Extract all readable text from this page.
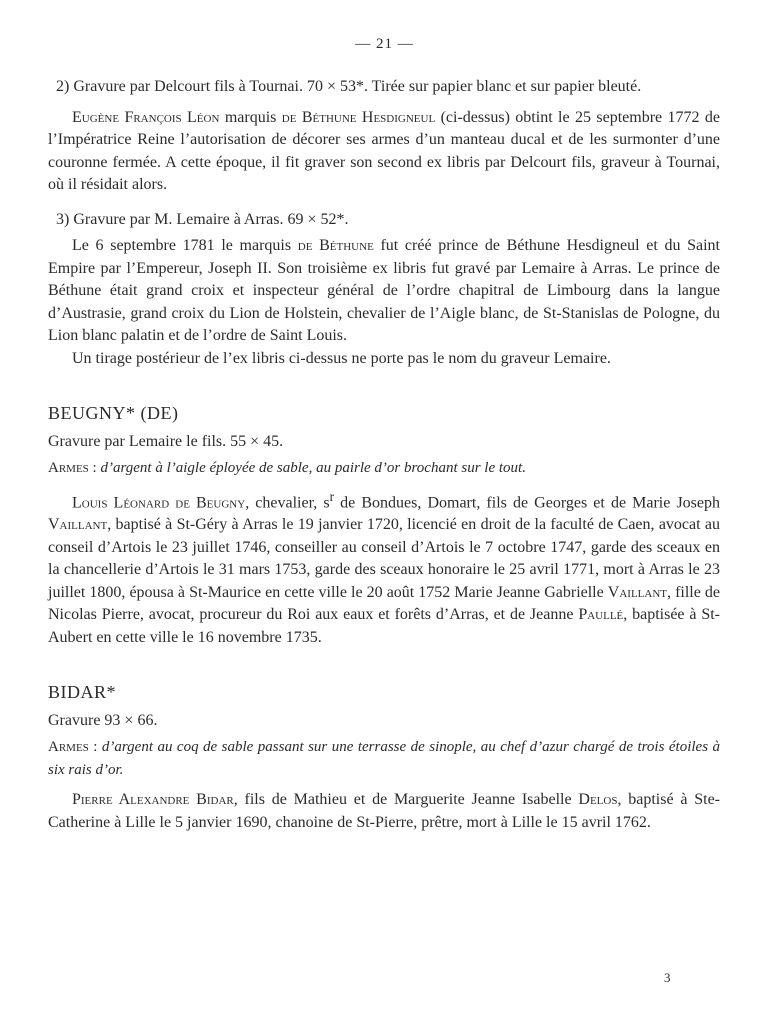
— 21 —

2) Gravure par Delcourt fils à Tournai. 70 × 53*. Tirée sur papier blanc et sur papier bleuté.

Eugène François Léon marquis de Béthune Hesdigneul (ci-dessus) obtint le 25 septembre 1772 de l’Impératrice Reine l’autorisation de décorer ses armes d’un manteau ducal et de les surmonter d’une couronne fermée. A cette époque, il fit graver son second ex libris par Delcourt fils, graveur à Tournai, où il résidait alors.

3) Gravure par M. Lemaire à Arras. 69 × 52*.

Le 6 septembre 1781 le marquis de Béthune fut créé prince de Béthune Hesdigneul et du Saint Empire par l’Empereur, Joseph II. Son troisième ex libris fut gravé par Lemaire à Arras. Le prince de Béthune était grand croix et inspecteur général de l’ordre chapitral de Limbourg dans la langue d’Austrasie, grand croix du Lion de Holstein, chevalier de l’Aigle blanc, de St-Stanislas de Pologne, du Lion blanc palatin et de l’ordre de Saint Louis.

Un tirage postérieur de l’ex libris ci-dessus ne porte pas le nom du graveur Lemaire.

BEUGNY* (DE)

Gravure par Lemaire le fils. 55 × 45.

Armes : d’argent à l’aigle éployée de sable, au pairle d’or brochant sur le tout.

Louis Léonard de Beugny, chevalier, $s^r$ de Bondues, Domart, fils de Georges et de Marie Joseph Vaillant, baptisé à St-Géry à Arras le 19 janvier 1720, licencié en droit de la faculté de Caen, avocat au conseil d’Artois le 23 juillet 1746, conseiller au conseil d’Artois le 7 octobre 1747, garde des sceaux en la chancellerie d’Artois le 31 mars 1753, garde des sceaux honoraire le 25 avril 1771, mort à Arras le 23 juillet 1800, épousa à St-Maurice en cette ville le 20 août 1752 Marie Jeanne Gabrielle Vaillant, fille de Nicolas Pierre, avocat, procureur du Roi aux eaux et forêts d’Arras, et de Jeanne Paullé, baptisée à St-Aubert en cette ville le 16 novembre 1735.

BIDAR*

Gravure 93 × 66.

Armes : d’argent au coq de sable passant sur une terrasse de sinople, au chef d’azur chargé de trois étoiles à six rais d’or.

Pierre Alexandre Bidar, fils de Mathieu et de Marguerite Jeanne Isabelle Delos, baptisé à Ste-Catherine à Lille le 5 janvier 1690, chanoine de St-Pierre, prêtre, mort à Lille le 15 avril 1762.

3
